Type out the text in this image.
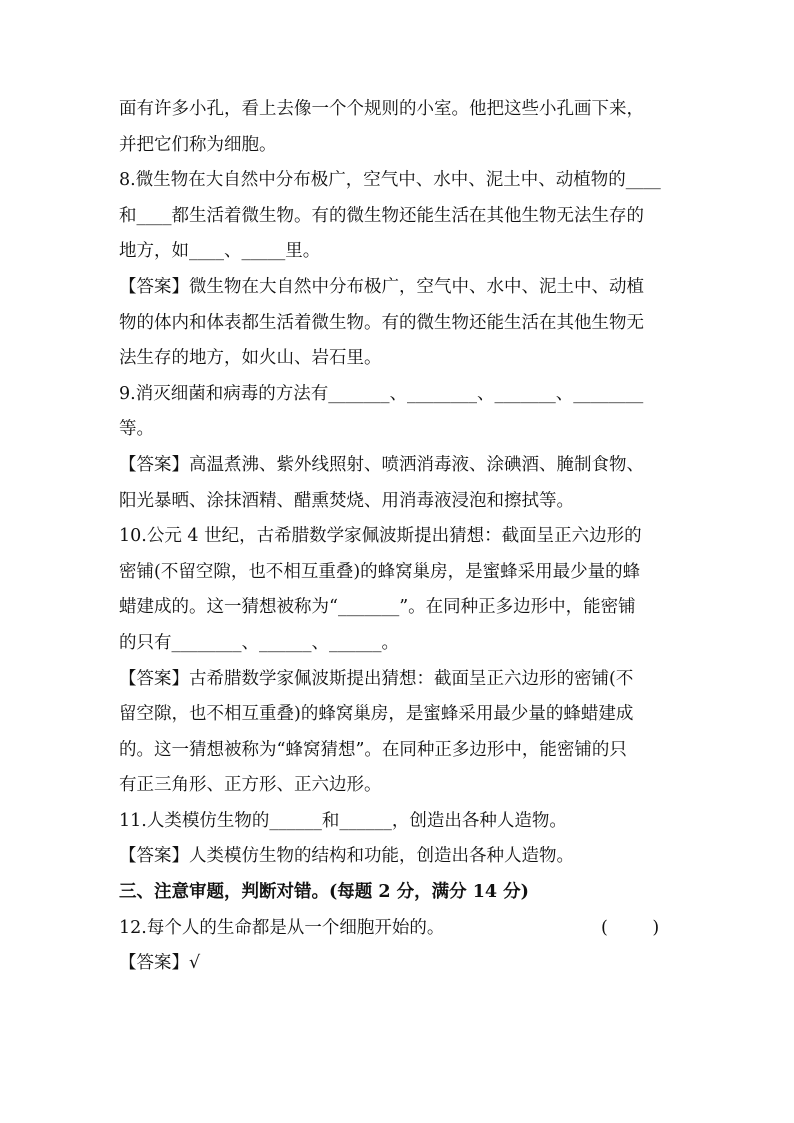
面有许多小孔，看上去像一个个规则的小室。他把这些小孔画下来，
并把它们称为细胞。
8.微生物在大自然中分布极广，空气中、水中、泥土中、动植物的____
和____都生活着微生物。有的微生物还能生活在其他生物无法生存的
地方，如____、_____里。
【答案】微生物在大自然中分布极广，空气中、水中、泥土中、动植
物的体内和体表都生活着微生物。有的微生物还能生活在其他生物无
法生存的地方，如火山、岩石里。
9.消灭细菌和病毒的方法有_______、________、_______、________
等。
【答案】高温煮沸、紫外线照射、喷洒消毒液、涂碘酒、腌制食物、
阳光暴晒、涂抹酒精、醋熏焚烧、用消毒液浸泡和擦拭等。
10.公元 4 世纪，古希腊数学家佩波斯提出猜想：截面呈正六边形的
密铺(不留空隙，也不相互重叠)的蜂窝巢房，是蜜蜂采用最少量的蜂
蜡建成的。这一猜想被称为“_______”。在同种正多边形中，能密铺
的只有________、______、______。
【答案】古希腊数学家佩波斯提出猜想：截面呈正六边形的密铺(不
留空隙，也不相互重叠)的蜂窝巢房，是蜜蜂采用最少量的蜂蜡建成
的。这一猜想被称为“蜂窝猜想”。在同种正多边形中，能密铺的只
有正三角形、正方形、正六边形。
11.人类模仿生物的______和______，创造出各种人造物。
【答案】人类模仿生物的结构和功能，创造出各种人造物。
三、注意审题，判断对错。(每题 2 分，满分 14 分)
12.每个人的生命都是从一个细胞开始的。	(        )
【答案】√
